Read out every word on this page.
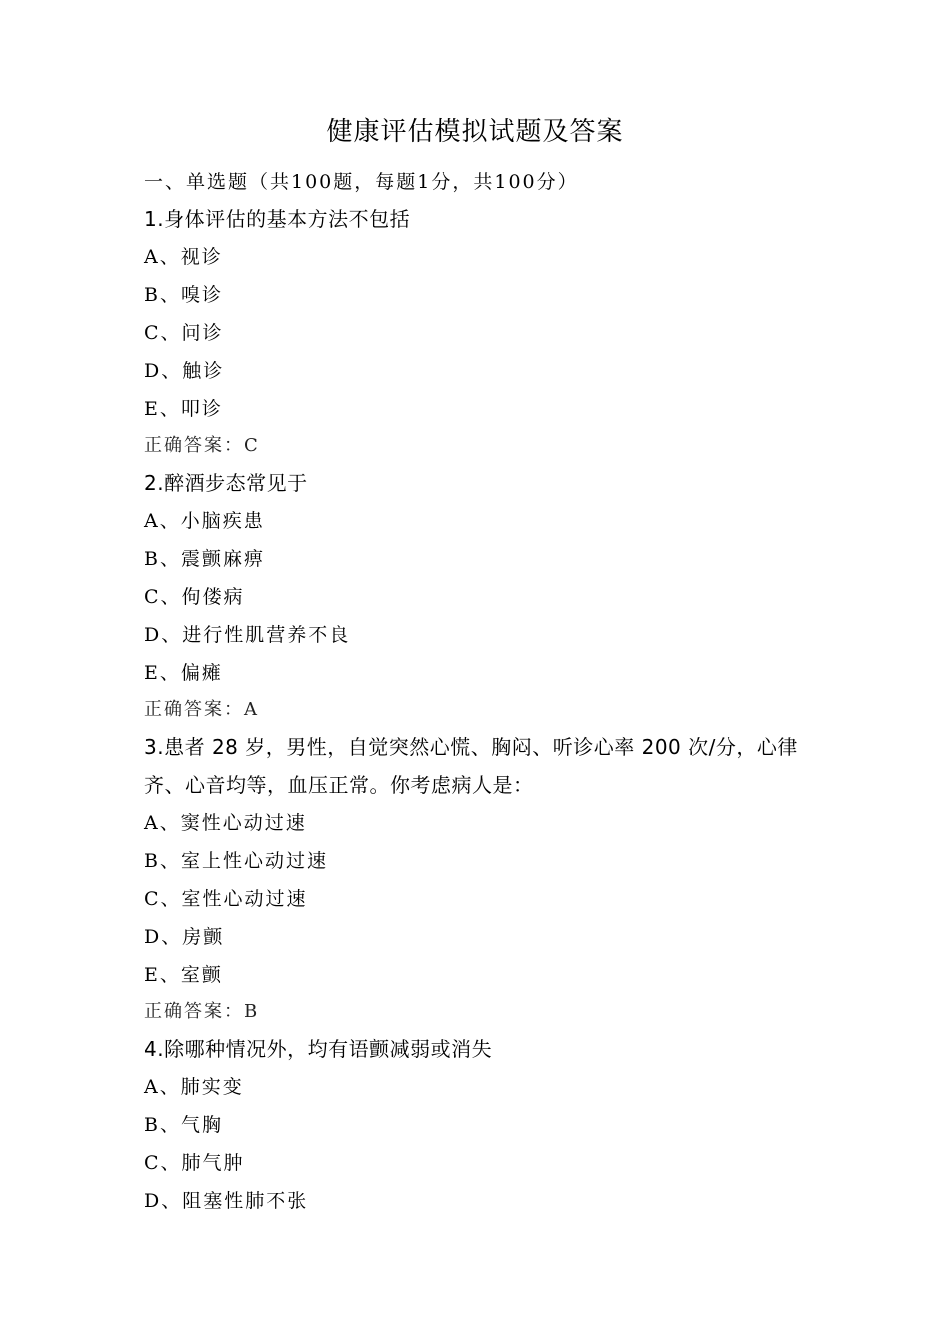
健康评估模拟试题及答案
一、单选题（共100题，每题1分，共100分）
1.身体评估的基本方法不包括
A、视诊
B、嗅诊
C、问诊
D、触诊
E、叩诊
正确答案：C
2.醉酒步态常见于
A、小脑疾患
B、震颤麻痹
C、佝偻病
D、进行性肌营养不良
E、偏瘫
正确答案：A
3.患者 28 岁，男性，自觉突然心慌、胸闷、听诊心率 200 次/分，心律齐、心音均等，血压正常。你考虑病人是：
A、窦性心动过速
B、室上性心动过速
C、室性心动过速
D、房颤
E、室颤
正确答案：B
4.除哪种情况外，均有语颤减弱或消失
A、肺实变
B、气胸
C、肺气肿
D、阻塞性肺不张
